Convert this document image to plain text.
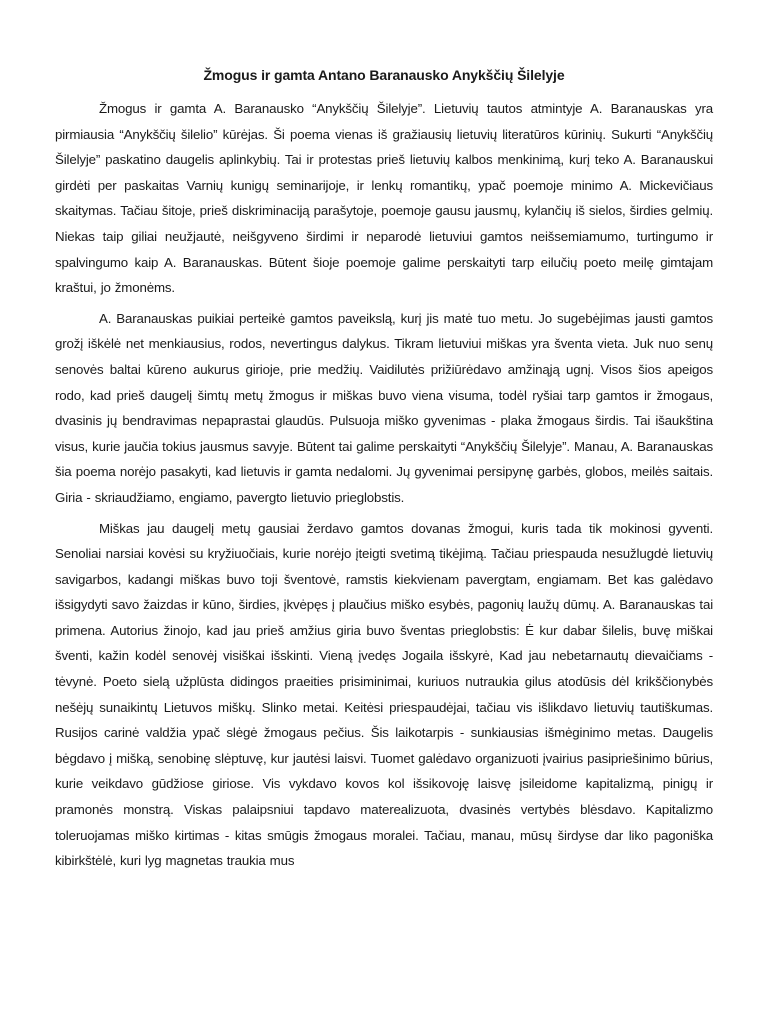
Žmogus ir gamta Antano Baranausko Anykščių Šilelyje

Žmogus ir gamta A. Baranausko “Anykščių Šilelyje”. Lietuvių tautos atmintyje A. Baranauskas yra pirmiausia “Anykščių šilelio” kūrėjas. Ši poema vienas iš gražiausių lietuvių literatūros kūrinių. Sukurti “Anykščių Šilelyje” paskatino daugelis aplinkybių. Tai ir protestas prieš lietuvių kalbos menkinimą, kurį teko A. Baranauskui girdėti per paskaitas Varnių kunigų seminarijoje, ir lenkų romantikų, ypač poemoje minimo A. Mickevičiaus skaitymas. Tačiau šitoje, prieš diskriminaciją parašytoje, poemoje gausu jausmų, kylančių iš sielos, širdies gelmių. Niekas taip giliai neužjautė, neišgyveno širdimi ir neparodė lietuviui gamtos neišsemiamumo, turtingumo ir spalvingumo kaip A. Baranauskas. Būtent šioje poemoje galime perskaityti tarp eilučių poeto meilę gimtajam kraštui, jo žmonėms.

A. Baranauskas puikiai perteikė gamtos paveikslą, kurį jis matė tuo metu. Jo sugebėjimas jausti gamtos grožį iškėlė net menkiausius, rodos, nevertingus dalykus. Tikram lietuviui miškas yra šventa vieta. Juk nuo senų senovės baltai kūreno aukurus girioje, prie medžių. Vaidilutės prižiūrėdavo amžinąją ugnį. Visos šios apeigos rodo, kad prieš daugelį šimtų metų žmogus ir miškas buvo viena visuma, todėl ryšiai tarp gamtos ir žmogaus, dvasinis jų bendravimas nepaprastai glaudūs. Pulsuoja miško gyvenimas - plaka žmogaus širdis. Tai išaukština visus, kurie jaučia tokius jausmus savyje. Būtent tai galime perskaityti “Anykščių Šilelyje”. Manau, A. Baranauskas šia poema norėjo pasakyti, kad lietuvis ir gamta nedalomi. Jų gyvenimai persipynę garbės, globos, meilės saitais. Giria - skriaudžiamo, engiamo, pavergto lietuvio prieglobstis.

Miškas jau daugelį metų gausiai žerdavo gamtos dovanas žmogui, kuris tada tik mokinosi gyventi. Senoliai narsiai kovėsi su kryžiuočiais, kurie norėjo įteigti svetimą tikėjimą. Tačiau priespauda nesužlugdė lietuvių savigarbos, kadangi miškas buvo toji šventovė, ramstis kiekvienam pavergtam, engiamam. Bet kas galėdavo išsigydyti savo žaizdas ir kūno, širdies, įkvėpęs į plaučius miško esybės, pagonių laužų dūmų. A. Baranauskas tai primena. Autorius žinojo, kad jau prieš amžius giria buvo šventas prieglobstis: Ė kur dabar šilelis, buvę miškai šventi, kažin kodėl senovėj visiškai išskinti. Vieną įvedęs Jogaila išskyrė, Kad jau nebetarnautų dievaičiams - tėvynė. Poeto sielą užplūsta didingos praeities prisiminimai, kuriuos nutraukia gilus atodūsis dėl krikščionybės nešėjų sunaikintų Lietuvos miškų. Slinko metai. Keitėsi priespaudėjai, tačiau vis išlikdavo lietuvių tautiškumas. Rusijos carinė valdžia ypač slėgė žmogaus pečius. Šis laikotarpis - sunkiausias išmėginimo metas. Daugelis bėgdavo į mišką, senobinę slėptuvę, kur jautėsi laisvi. Tuomet galėdavo organizuoti įvairius pasipriešinimo būrius, kurie veikdavo gūdžiose giriose. Vis vykdavo kovos kol išsikovoję laisvę įsileidome kapitalizmą, pinigų ir pramonės monstrą. Viskas palaipsniui tapdavo materealizuota, dvasinės vertybės blėsdavo. Kapitalizmo toleruojamas miško kirtimas - kitas smūgis žmogaus moralei. Tačiau, manau, mūsų širdyse dar liko pagoniška kibirkštėlė, kuri lyg magnetas traukia mus
